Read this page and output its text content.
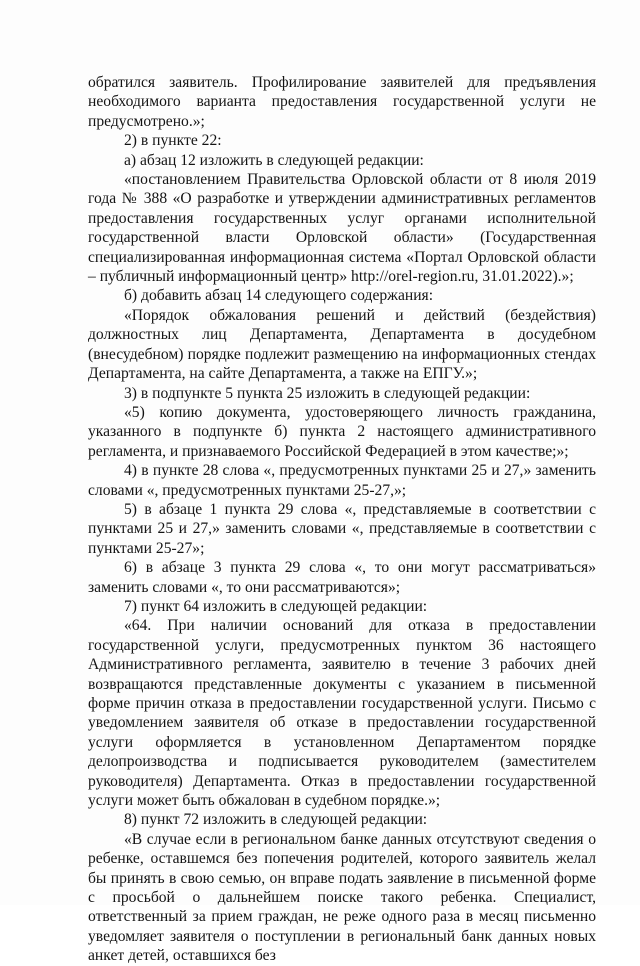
обратился заявитель. Профилирование заявителей для предъявления необходимого варианта предоставления государственной услуги не предусмотрено.»;

2) в пункте 22:

а) абзац 12 изложить в следующей редакции:

«постановлением Правительства Орловской области от 8 июля 2019 года № 388 «О разработке и утверждении административных регламентов предоставления государственных услуг органами исполнительной государственной власти Орловской области» (Государственная специализированная информационная система «Портал Орловской области – публичный информационный центр» http://orel-region.ru, 31.01.2022).»;

б) добавить абзац 14 следующего содержания:

«Порядок обжалования решений и действий (бездействия) должностных лиц Департамента, Департамента в досудебном (внесудебном) порядке подлежит размещению на информационных стендах Департамента, на сайте Департамента, а также на ЕПГУ.»;

3) в подпункте 5 пункта 25 изложить в следующей редакции:

«5) копию документа, удостоверяющего личность гражданина, указанного в подпункте б) пункта 2 настоящего административного регламента, и признаваемого Российской Федерацией в этом качестве;»;

4) в пункте 28 слова «, предусмотренных пунктами 25 и 27,» заменить словами «, предусмотренных пунктами 25-27,»;

5) в абзаце 1 пункта 29 слова «, представляемые в соответствии с пунктами 25 и 27,» заменить словами «, представляемые в соответствии с пунктами 25-27»;

6) в абзаце 3 пункта 29 слова «, то они могут рассматриваться» заменить словами «, то они рассматриваются»;

7) пункт 64 изложить в следующей редакции:

«64. При наличии оснований для отказа в предоставлении государственной услуги, предусмотренных пунктом 36 настоящего Административного регламента, заявителю в течение 3 рабочих дней возвращаются представленные документы с указанием в письменной форме причин отказа в предоставлении государственной услуги. Письмо с уведомлением заявителя об отказе в предоставлении государственной услуги оформляется в установленном Департаментом порядке делопроизводства и подписывается руководителем (заместителем руководителя) Департамента. Отказ в предоставлении государственной услуги может быть обжалован в судебном порядке.»;

8) пункт 72 изложить в следующей редакции:

«В случае если в региональном банке данных отсутствуют сведения о ребенке, оставшемся без попечения родителей, которого заявитель желал бы принять в свою семью, он вправе подать заявление в письменной форме с просьбой о дальнейшем поиске такого ребенка. Специалист, ответственный за прием граждан, не реже одного раза в месяц письменно уведомляет заявителя о поступлении в региональный банк данных новых анкет детей, оставшихся без
